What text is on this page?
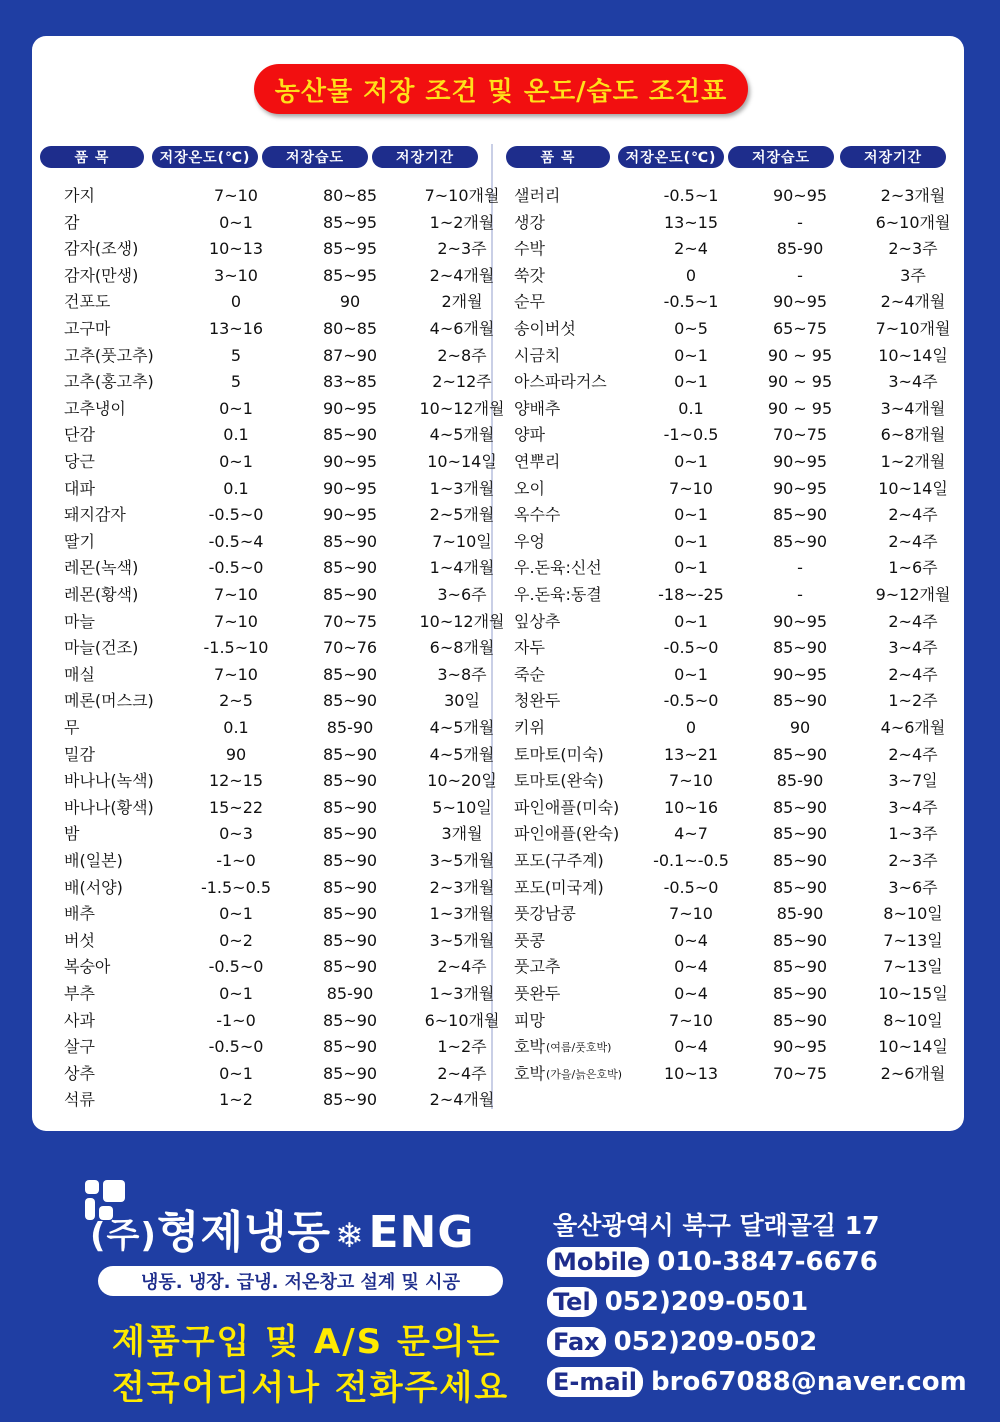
농산물 저장 조건 및 온도/습도 조건표
품 목	저장온도(℃)	저장습도	저장기간	품 목	저장온도(℃)	저장습도	저장기간
가지	7~10	80~85	7~10개월
감	0~1	85~95	1~2개월
감자(조생)	10~13	85~95	2~3주
감자(만생)	3~10	85~95	2~4개월
건포도	0	90	2개월
고구마	13~16	80~85	4~6개월
고추(풋고추)	5	87~90	2~8주
고추(홍고추)	5	83~85	2~12주
고추냉이	0~1	90~95	10~12개월
단감	0.1	85~90	4~5개월
당근	0~1	90~95	10~14일
대파	0.1	90~95	1~3개월
돼지감자	-0.5~0	90~95	2~5개월
딸기	-0.5~4	85~90	7~10일
레몬(녹색)	-0.5~0	85~90	1~4개월
레몬(황색)	7~10	85~90	3~6주
마늘	7~10	70~75	10~12개월
마늘(건조)	-1.5~10	70~76	6~8개월
매실	7~10	85~90	3~8주
메론(머스크)	2~5	85~90	30일
무	0.1	85-90	4~5개월
밀감	90	85~90	4~5개월
바나나(녹색)	12~15	85~90	10~20일
바나나(황색)	15~22	85~90	5~10일
밤	0~3	85~90	3개월
배(일본)	-1~0	85~90	3~5개월
배(서양)	-1.5~0.5	85~90	2~3개월
배추	0~1	85~90	1~3개월
버섯	0~2	85~90	3~5개월
복숭아	-0.5~0	85~90	2~4주
부추	0~1	85-90	1~3개월
사과	-1~0	85~90	6~10개월
살구	-0.5~0	85~90	1~2주
상추	0~1	85~90	2~4주
석류	1~2	85~90	2~4개월
샐러리	-0.5~1	90~95	2~3개월
생강	13~15	-	6~10개월
수박	2~4	85-90	2~3주
쑥갓	0	-	3주
순무	-0.5~1	90~95	2~4개월
송이버섯	0~5	65~75	7~10개월
시금치	0~1	90 ~ 95	10~14일
아스파라거스	0~1	90 ~ 95	3~4주
양배추	0.1	90 ~ 95	3~4개월
양파	-1~0.5	70~75	6~8개월
연뿌리	0~1	90~95	1~2개월
오이	7~10	90~95	10~14일
옥수수	0~1	85~90	2~4주
우엉	0~1	85~90	2~4주
우.돈육:신선	0~1	-	1~6주
우.돈육:동결	-18~-25	-	9~12개월
잎상추	0~1	90~95	2~4주
자두	-0.5~0	85~90	3~4주
죽순	0~1	90~95	2~4주
청완두	-0.5~0	85~90	1~2주
키위	0	90	4~6개월
토마토(미숙)	13~21	85~90	2~4주
토마토(완숙)	7~10	85-90	3~7일
파인애플(미숙)	10~16	85~90	3~4주
파인애플(완숙)	4~7	85~90	1~3주
포도(구주계)	-0.1~-0.5	85~90	2~3주
포도(미국계)	-0.5~0	85~90	3~6주
풋강남콩	7~10	85-90	8~10일
풋콩	0~4	85~90	7~13일
풋고추	0~4	85~90	7~13일
풋완두	0~4	85~90	10~15일
피망	7~10	85~90	8~10일
호박	0~4	90~95	10~14일
(여름/풋호박)
호박	10~13	70~75	2~6개월
(가을/늙은호박)
(주)형제냉동 ❄ENG
냉동. 냉장. 급냉. 저온창고 설계 및 시공
제품구입 및 A/S 문의는
전국어디서나 전화주세요
울산광역시 북구 달래골길 17
Mobile 010-3847-6676
Tel 052)209-0501
Fax 052)209-0502
E-mail bro67088@naver.com
